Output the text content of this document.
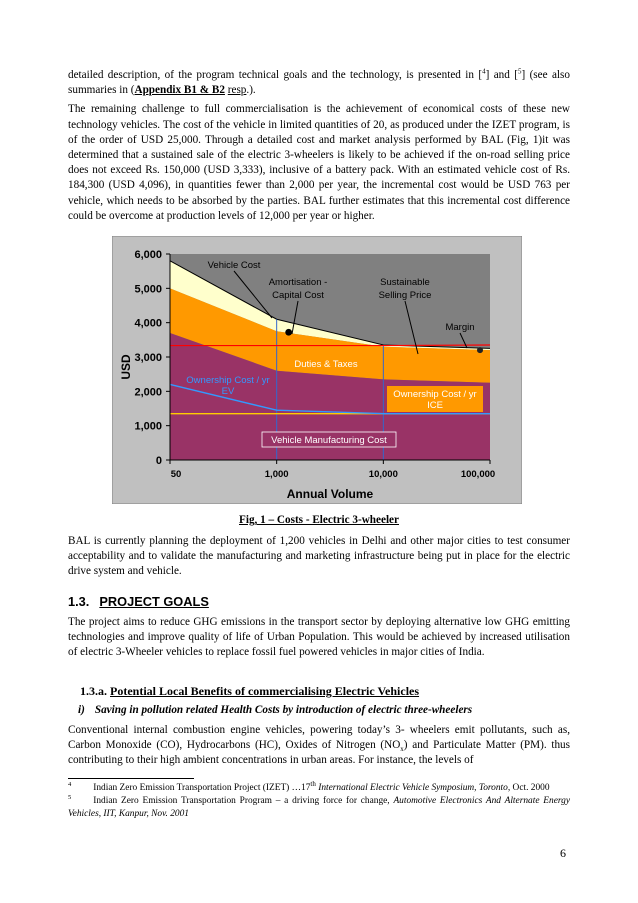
detailed description, of the program technical goals and the technology, is presented in [$^4$] and [$^5$] (see also summaries in (Appendix B1 & B2 resp.).

The remaining challenge to full commercialisation is the achievement of economical costs of these new technology vehicles. The cost of the vehicle in limited quantities of 20, as produced under the IZET program, is of the order of USD 25,000. Through a detailed cost and market analysis performed by BAL (Fig, 1)it was determined that a sustained sale of the electric 3-wheelers is likely to be achieved if the on-road selling price does not exceed Rs. 150,000 (USD 3,333), inclusive of a battery pack. With an estimated vehicle cost of Rs. 184,300 (USD 4,096), in quantities fewer than 2,000 per year, the incremental cost would be USD 763 per vehicle, which needs to be absorbed by the parties. BAL further estimates that this incremental cost difference could be overcome at production levels of 12,000 per year or higher.

0
1,000
2,000
3,000
4,000
5,000
6,000
50	1,000	10,000	100,000
Annual Volume
USD
Vehicle Cost
Amortisation -
Capital Cost
Sustainable
Selling Price
Margin
Duties & Taxes
Ownership Cost / yr
EV	Ownership Cost / yr
ICE
Vehicle Manufacturing Cost
Fig, 1 – Costs - Electric 3-wheeler

BAL is currently planning the deployment of 1,200 vehicles in Delhi and other major cities to test consumer acceptability and to validate the manufacturing and marketing infrastructure being put in place for the electric drive system and vehicle.

1.3. PROJECT GOALS

The project aims to reduce GHG emissions in the transport sector by deploying alternative low GHG emitting technologies and improve quality of life of Urban Population. This would be achieved by increased utilisation of electric 3-Wheeler vehicles to replace fossil fuel powered vehicles in major cities of India.

1.3.a. Potential Local Benefits of commercialising Electric Vehicles
i) Saving in pollution related Health Costs by introduction of electric three-wheelers

Conventional internal combustion engine vehicles, powering today’s 3- wheelers emit pollutants, such as, Carbon Monoxide (CO), Hydrocarbons (HC), Oxides of Nitrogen $(NO_x)$ and Particulate Matter (PM). thus contributing to their high ambient concentrations in urban areas. For instance, the levels of

$^4$ Indian Zero Emission Transportation Project (IZET) …17th International Electric Vehicle Symposium, Toronto, Oct. 2000

$^5$ Indian Zero Emission Transportation Program – a driving force for change, Automotive Electronics And Alternate Energy Vehicles, IIT, Kanpur, Nov. 2001

6
